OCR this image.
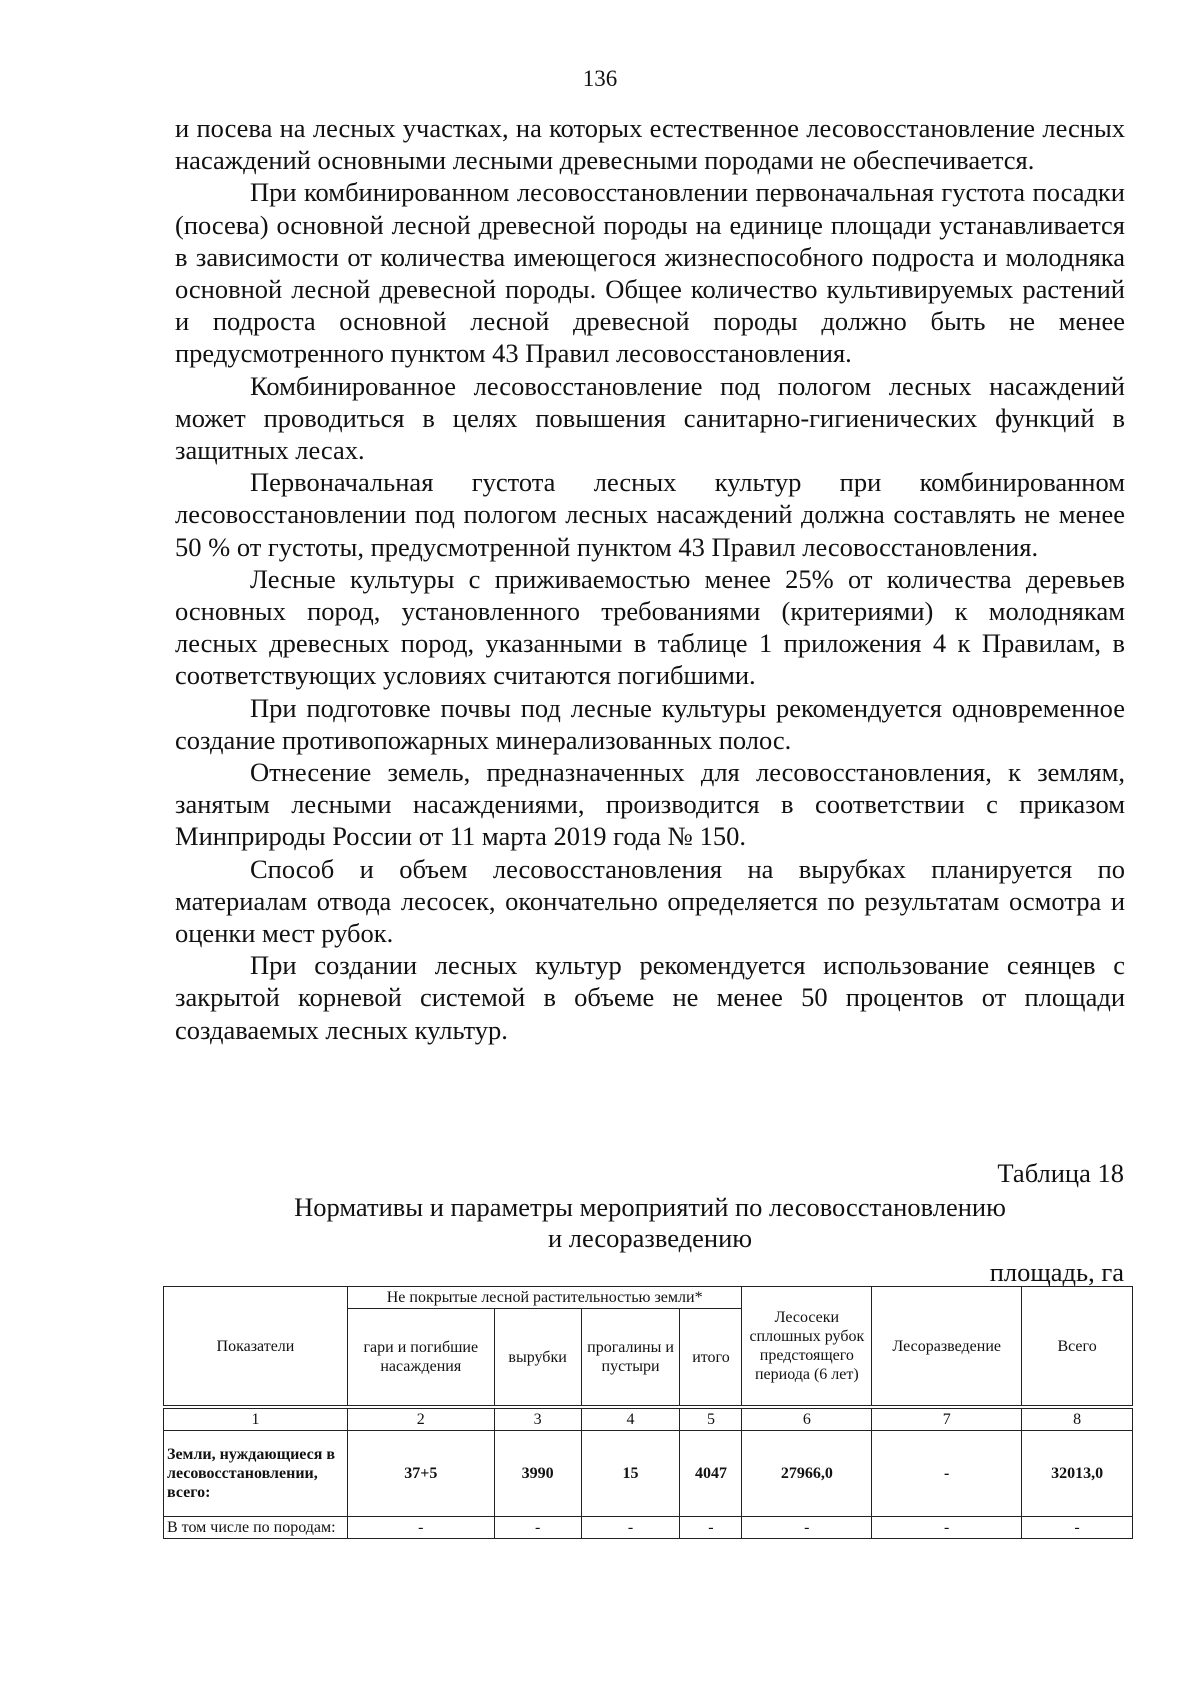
136

и посева на лесных участках, на которых естественное лесовосстановление лесных насаждений основными лесными древесными породами не обеспечивается.

При комбинированном лесовосстановлении первоначальная густота посадки (посева) основной лесной древесной породы на единице площади устанавливается в зависимости от количества имеющегося жизнеспособного подроста и молодняка основной лесной древесной породы. Общее количество культивируемых растений и подроста основной лесной древесной породы должно быть не менее предусмотренного пунктом 43 Правил лесовосстановления.

Комбинированное лесовосстановление под пологом лесных насаждений может проводиться в целях повышения санитарно-гигиенических функций в защитных лесах.

Первоначальная густота лесных культур при комбинированном лесовосстановлении под пологом лесных насаждений должна составлять не менее 50 % от густоты, предусмотренной пунктом 43 Правил лесовосстановления.

Лесные культуры с приживаемостью менее 25% от количества деревьев основных пород, установленного требованиями (критериями) к молоднякам лесных древесных пород, указанными в таблице 1 приложения 4 к Правилам, в соответствующих условиях считаются погибшими.

При подготовке почвы под лесные культуры рекомендуется одновременное создание противопожарных минерализованных полос.

Отнесение земель, предназначенных для лесовосстановления, к землям, занятым лесными насаждениями, производится в соответствии с приказом Минприроды России от 11 марта 2019 года № 150.

Способ и объем лесовосстановления на вырубках планируется по материалам отвода лесосек, окончательно определяется по результатам осмотра и оценки мест рубок.

При создании лесных культур рекомендуется использование сеянцев с закрытой корневой системой в объеме не менее 50 процентов от площади создаваемых лесных культур.

Таблица 18
Нормативы и параметры мероприятий по лесовосстановлению
и лесоразведению
площадь, га
Показатели	Не покрытые лесной растительностью земли*				Лесосеки сплошных рубок предстоящего периода (6 лет)	Лесоразведение	Всего
	гари и погибшие насаждения	вырубки	прогалины и пустыри	итого			

1	2	3	4	5	6	7	8
Земли, нуждающиеся в лесовосстановлении, всего:	37+5	3990	15	4047	27966,0	-	32013,0
В том числе по породам:	-	-	-	-	-	-	-
